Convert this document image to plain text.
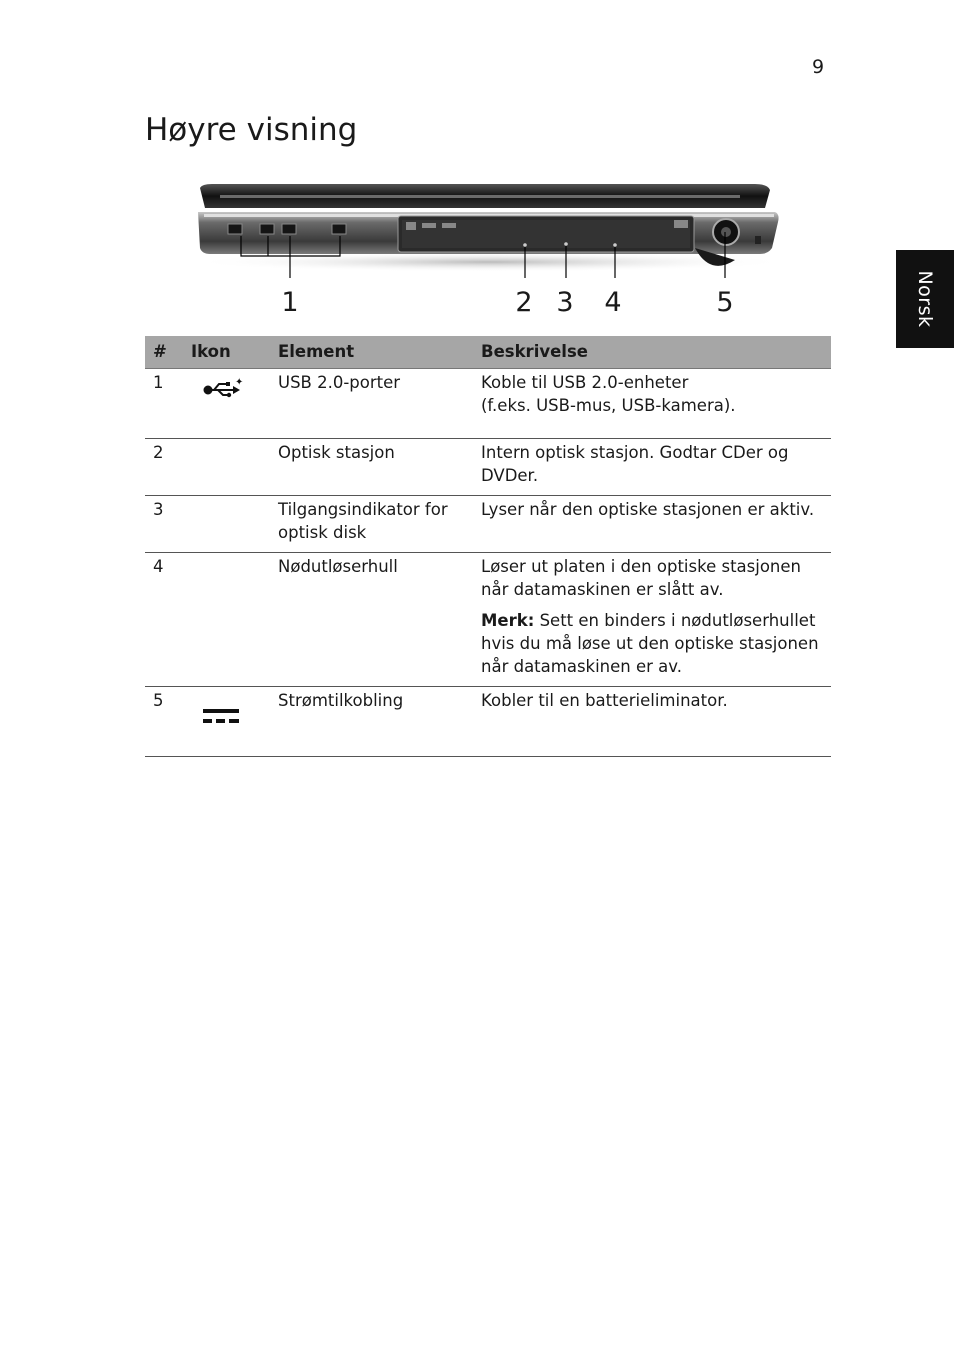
9
Høyre visning
Norsk
1	2 3 4	5
#	Ikon	Element	Beskrivelse
1	✦	USB 2.0-porter	Koble til USB 2.0-enheter
(f.eks. USB-mus, USB-kamera).

2		Optisk stasjon	Intern optisk stasjon. Godtar CDer og DVDer.
3		Tilgangsindikator for optisk disk	Lyser når den optiske stasjonen er aktiv.
4		Nødutløserhull	Løser ut platen i den optiske stasjonen når datamaskinen er slått av.

Merk: Sett en binders i nødutløserhullet hvis du må løse ut den optiske stasjonen når datamaskinen er av.

5		Strømtilkobling	Kobler til en batterieliminator.
